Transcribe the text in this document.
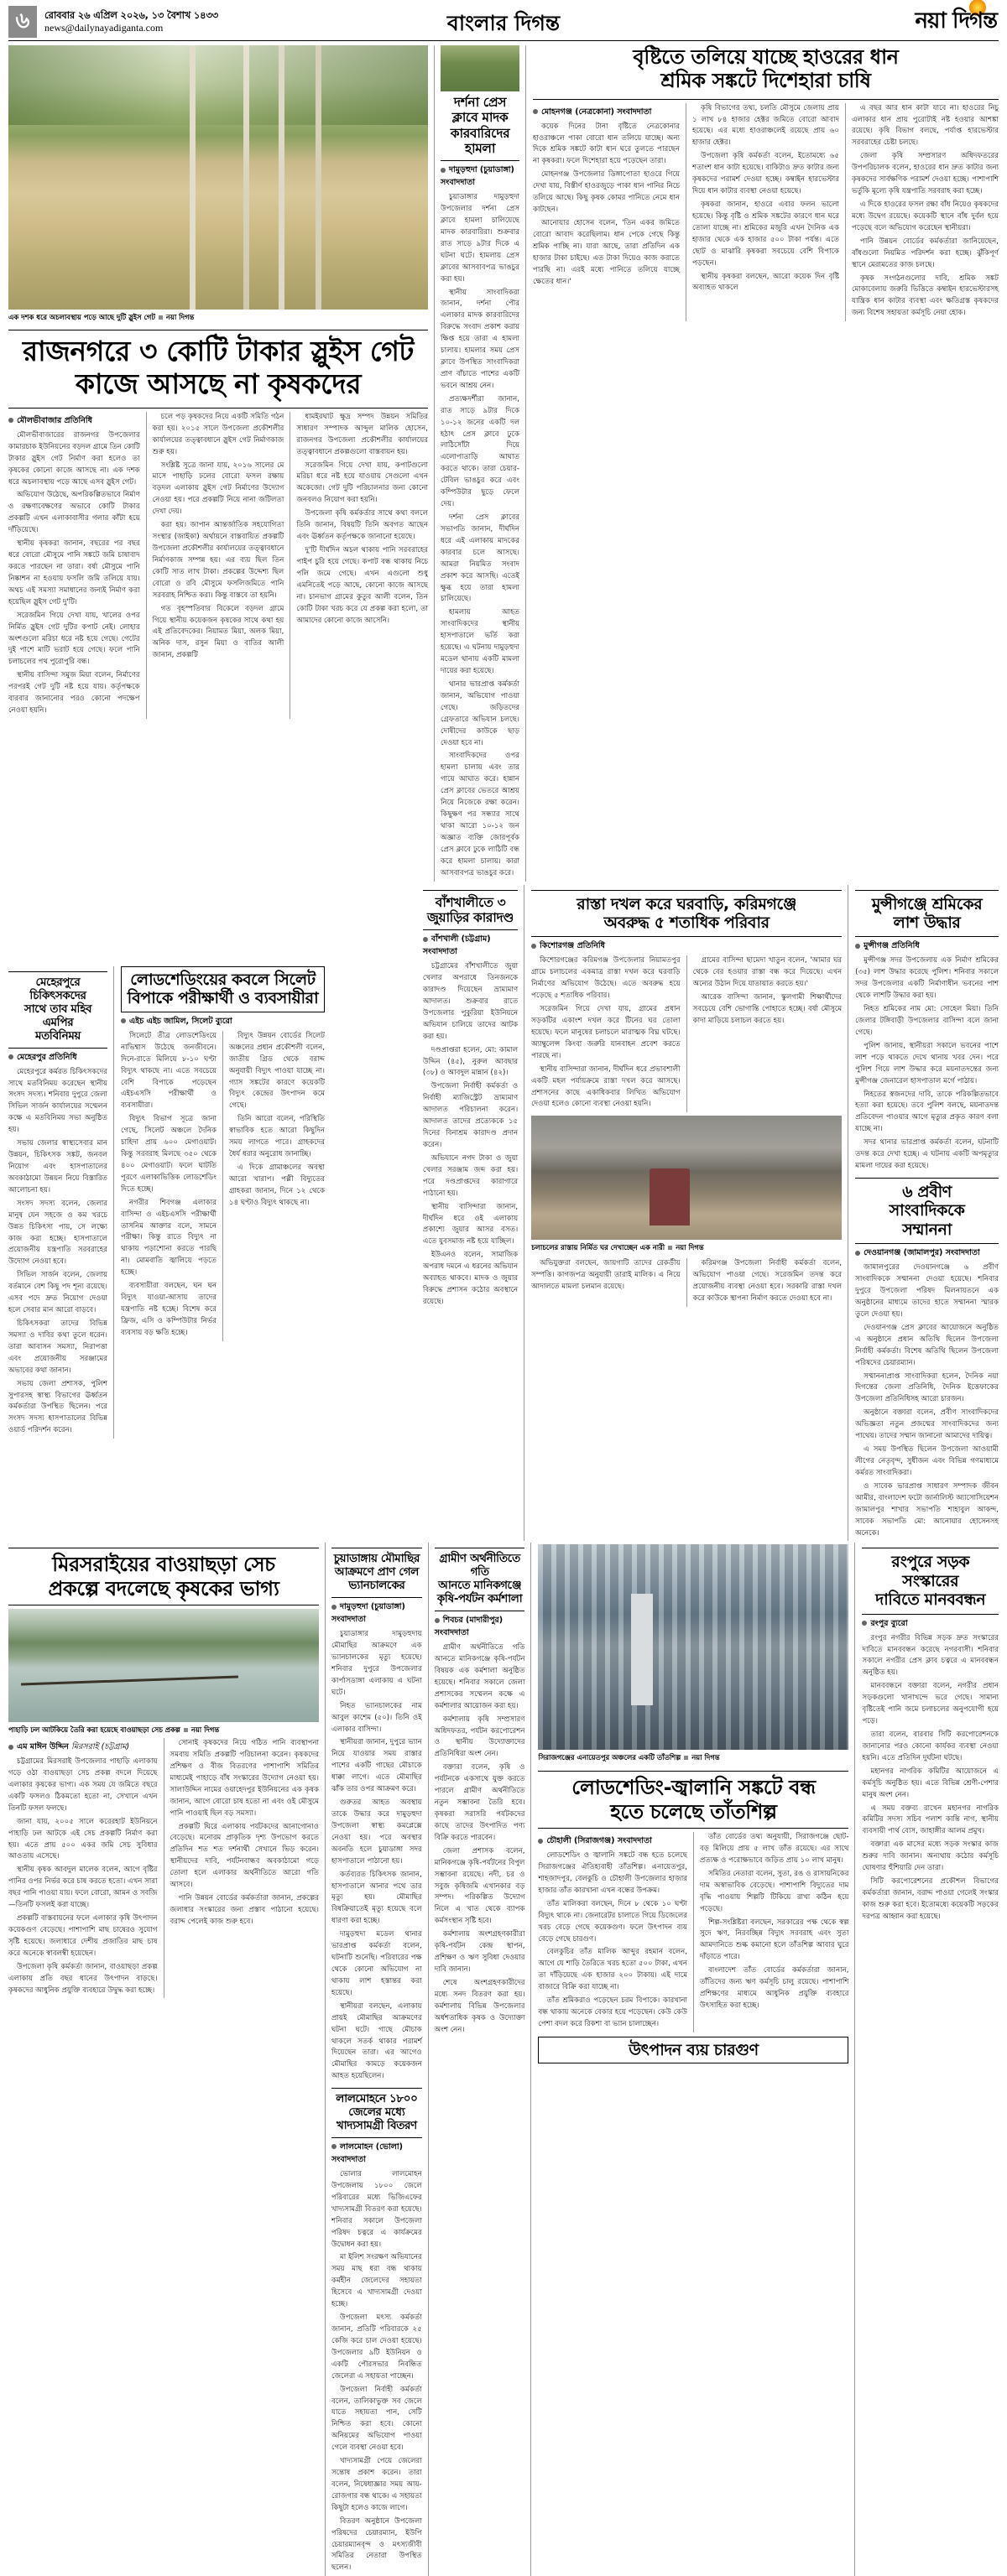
৬	রোববার ২৬ এপ্রিল ২০২৬, ১৩ বৈশাখ ১৪৩৩
news@dailynayadiganta.com	বাংলার দিগন্ত	নয়া দিগন্ত
এক দশক ধরে অচলাবস্থায় পড়ে আছে দুটি স্লুইস গেট নয়া দিগন্ত
রাজনগরে ৩ কোটি টাকার স্লুইস গেট
কাজে আসছে না কৃষকদের
মৌলভীবাজার প্রতিনিধি

মৌলভীবাজারের রাজনগর উপজেলার কামারচাক ইউনিয়নের বড়দল গ্রামে তিন কোটি টাকার স্লুইস গেট নির্মাণ করা হলেও তা কৃষকের কোনো কাজে আসছে না। এক দশক ধরে অচলাবস্থায় পড়ে আছে এসব স্লুইস গেট।

অভিযোগ উঠেছে, অপরিকল্পিতভাবে নির্মাণ ও রক্ষণাবেক্ষণের অভাবে কোটি টাকার প্রকল্পটি এখন এলাকাবাসীর গলার কাঁটা হয়ে দাঁড়িয়েছে।

স্থানীয় কৃষকরা জানান, বছরের পর বছর ধরে বোরো মৌসুমে পানি সঙ্কটে জমি চাষাবাদ করতে পারছেন না তারা। বর্ষা মৌসুমে পানি নিষ্কাশন না হওয়ায় ফসলি জমি তলিয়ে যায়। অথচ এই সমস্যা সমাধানের জন্যই নির্মাণ করা হয়েছিল স্লুইস গেট দু'টি।

সরেজমিন গিয়ে দেখা যায়, খালের ওপর নির্মিত স্লুইস গেট দুটির কপাট নেই। লোহার অংশগুলো মরিচা ধরে নষ্ট হয়ে গেছে। গেটের দুই পাশে মাটি ভরাট হয়ে গেছে। ফলে পানি চলাচলের পথ পুরোপুরি বন্ধ।

স্থানীয় বাসিন্দা সমুজ মিয়া বলেন, নির্মাণের পরপরই গেট দুটি নষ্ট হয়ে যায়। কর্তৃপক্ষকে বারবার জানানোর পরও কোনো পদক্ষেপ নেওয়া হয়নি।

চলে পড় কৃষকদের নিয়ে একটি সমিতি গঠন করা হয়। ২০১৫ সালে উপজেলা প্রকৌশলীর কার্যালয়ের তত্ত্বাবধানে স্লুইস গেট নির্মাণকাজ শুরু হয়।

সংশ্লিষ্ট সূত্রে জানা যায়, ২০১৬ সালের মে মাসে পাহাড়ি ঢলের বোরো ফসল রক্ষায় বড়দল এলাকায় স্লুইস গেট নির্মাণের উদ্যোগ নেওয়া হয়। পরে প্রকল্পটি নিয়ে নানা জটিলতা দেখা দেয়।

করা হয়। জাপান আন্তর্জাতিক সহযোগিতা সংস্থার (জাইকা) অর্থায়নে বাস্তবায়িত প্রকল্পটি উপজেলা প্রকৌশলীর কার্যালয়ের তত্ত্বাবধানে নির্মাণকাজ সম্পন্ন হয়। এর ব্যয় ছিল তিন কোটি সাত লাখ টাকা। প্রকল্পের উদ্দেশ্য ছিল বোরো ও রবি মৌসুমে ফসলিজমিতে পানি সরবরাহ নিশ্চিত করা। কিন্তু বাস্তবে তা হয়নি।

গত বৃহস্পতিবার বিকেলে বড়দল গ্রামে গিয়ে স্থানীয় কয়েকজন কৃষকের সাথে কথা হয় এই প্রতিবেদকের। নিয়ামত মিয়া, অলক মিয়া, অনিক দাস, রসুন মিয়া ও বাতির আলী জানান, প্রকল্পটি

ধামইরঘাট ক্ষুদ্র সম্পদ উন্নয়ন সমিতির সাধারণ সম্পাদক আব্দুল মালিক হোসেন, রাজনগর উপজেলা প্রকৌশলীর কার্যালয়ের তত্ত্বাবধানে প্রকল্পগুলো বাস্তবায়ন হয়।

সরেজমিন গিয়ে দেখা যায়, কপাটগুলো মরিচা ধরে নষ্ট হয়ে যাওয়ায় সেগুলো এখন অকেজো। গেট দুটি পরিচালনার জন্য কোনো জনবলও নিয়োগ করা হয়নি।

উপজেলা কৃষি কর্মকর্তার সাথে কথা বললে তিনি জানান, বিষয়টি তিনি অবগত আছেন এবং ঊর্ধ্বতন কর্তৃপক্ষকে জানানো হয়েছে।

দু'টি দীর্ঘদিন অচল থাকায় পানি সরবরাহের পাইপ চুরি হয়ে গেছে। কপাট বন্ধ থাকায় নিচে পলি জমে গেছে। এখন এগুলো শুধু এমনিতেই পড়ে আছে, কোনো কাজে আসছে না। চানভাগ গ্রামের কুতুব আলী বলেন, তিন কোটি টাকা খরচ করে যে প্রকল্প করা হলো, তা আমাদের কোনো কাজে আসেনি।

দর্শনা প্রেস ক্লাবে মাদক
কারবারিদের হামলা
দামুড়হুদা (চুয়াডাঙ্গা) সংবাদদাতা

চুয়াডাঙ্গার দামুড়হুদা উপজেলার দর্শনা প্রেস ক্লাবে হামলা চালিয়েছে মাদক কারবারিরা। শুক্রবার রাত সাড়ে ৯টার দিকে এ ঘটনা ঘটে। হামলায় প্রেস ক্লাবের আসবাবপত্র ভাঙচুর করা হয়।

স্থানীয় সাংবাদিকরা জানান, দর্শনা পৌর এলাকার মাদক কারবারিদের বিরুদ্ধে সংবাদ প্রকাশ করায় ক্ষিপ্ত হয়ে তারা এ হামলা চালায়। হামলার সময় প্রেস ক্লাবে উপস্থিত সাংবাদিকরা প্রাণ বাঁচাতে পাশের একটি ভবনে আশ্রয় নেন।

প্রত্যক্ষদর্শীরা জানান, রাত সাড়ে ৯টার দিকে ১০-১২ জনের একটি দল হঠাৎ প্রেস ক্লাবে ঢুকে লাঠিসোঁটা দিয়ে এলোপাতাড়ি আঘাত করতে থাকে। তারা চেয়ার-টেবিল ভাঙচুর করে এবং কম্পিউটার ছুড়ে ফেলে দেয়।

দর্শনা প্রেস ক্লাবের সভাপতি জানান, দীর্ঘদিন ধরে এই এলাকায় মাদকের কারবার চলে আসছে। আমরা নিয়মিত সংবাদ প্রকাশ করে আসছি। এতেই ক্ষুব্ধ হয়ে তারা হামলা চালিয়েছে।

হামলায় আহত সাংবাদিকদের স্থানীয় হাসপাতালে ভর্তি করা হয়েছে। এ ঘটনায় দামুড়হুদা মডেল থানায় একটি মামলা দায়ের করা হয়েছে।

থানার ভারপ্রাপ্ত কর্মকর্তা জানান, অভিযোগ পাওয়া গেছে। জড়িতদের গ্রেফতারে অভিযান চলছে। দোষীদের কাউকে ছাড় দেওয়া হবে না।

সাংবাদিকদের ওপর হামলা চালায় এবং তার গায়ে আঘাত করে। হান্নান প্রেস ক্লাবের ভেতরে আশ্রয় নিয়ে নিজেকে রক্ষা করেন। কিছুক্ষণ পর সন্ধ্যার সাথে থাকা আরো ১০-১২ জন অজ্ঞাত ব্যক্তি জোরপূর্বক প্রেস ক্লাবে ঢুকে লাঠিটি বন্ধ করে হামলা চালায়। কারা আসবাবপত্র ভাঙচুর করে।

বৃষ্টিতে তলিয়ে যাচ্ছে হাওরের ধান
শ্রমিক সঙ্কটে দিশেহারা চাষি
মোহনগঞ্জ (নেত্রকোনা) সংবাদদাতা

কয়েক দিনের টানা বৃষ্টিতে নেত্রকোনার হাওরাঞ্চলে পাকা বোরো ধান তলিয়ে যাচ্ছে। অন্য দিকে শ্রমিক সঙ্কটে কাটা ধান ঘরে তুলতে পারছেন না কৃষকরা। ফলে দিশেহারা হয়ে পড়েছেন তারা।

মোহনগঞ্জ উপজেলার ডিঙ্গাপোতা হাওরে গিয়ে দেখা যায়, বিস্তীর্ণ হাওরজুড়ে পাকা ধান পানির নিচে তলিয়ে আছে। কিছু কৃষক কোমর পানিতে নেমে ধান কাটছেন।

আনোয়ার হোসেন বলেন, 'তিন একর জমিতে বোরো আবাদ করেছিলাম। ধান পেকে গেছে কিন্তু শ্রমিক পাচ্ছি না। যারা আছে, তারা প্রতিদিন এক হাজার টাকা চাইছে। এত টাকা দিয়েও কাজ করাতে পারছি না। এরই মধ্যে পানিতে তলিয়ে যাচ্ছে ক্ষেতের ধান।'

কৃষি বিভাগের তথ্য, চলতি মৌসুমে জেলায় প্রায় ১ লাখ ৮৪ হাজার হেক্টর জমিতে বোরো আবাদ হয়েছে। এর মধ্যে হাওরাঞ্চলেই রয়েছে প্রায় ৬০ হাজার হেক্টর।

উপজেলা কৃষি কর্মকর্তা বলেন, ইতোমধ্যে ৬৫ শতাংশ ধান কাটা হয়েছে। বাকিটাও দ্রুত কাটার জন্য কৃষকদের পরামর্শ দেওয়া হচ্ছে। কম্বাইন হারভেস্টার দিয়ে ধান কাটার ব্যবস্থা নেওয়া হয়েছে।

কৃষকরা জানান, হাওরে এবার ফলন ভালো হয়েছে। কিন্তু বৃষ্টি ও শ্রমিক সঙ্কটের কারণে ধান ঘরে তোলা যাচ্ছে না। শ্রমিকের মজুরি এখন দৈনিক এক হাজার থেকে এক হাজার ৫০০ টাকা পর্যন্ত। এতে ছোট ও মাঝারি কৃষকরা সবচেয়ে বেশি বিপাকে পড়ছেন।

স্থানীয় কৃষকরা বলছেন, আরো কয়েক দিন বৃষ্টি অব্যাহত থাকলে

এ বছর আর ধান কাটা যাবে না। হাওরের নিচু এলাকার ধান প্রায় পুরোটাই নষ্ট হওয়ার আশঙ্কা রয়েছে। কৃষি বিভাগ বলছে, পর্যাপ্ত হারভেস্টার সরবরাহের চেষ্টা চলছে।

জেলা কৃষি সম্প্রসারণ অধিদফতরের উপপরিচালক বলেন, হাওরের ধান দ্রুত কাটার জন্য কৃষকদের সার্বক্ষণিক পরামর্শ দেওয়া হচ্ছে। পাশাপাশি ভর্তুকি মূল্যে কৃষি যন্ত্রপাতি সরবরাহ করা হচ্ছে।

এ দিকে হাওরের ফসল রক্ষা বাঁধ নিয়েও কৃষকদের মধ্যে উদ্বেগ রয়েছে। কয়েকটি স্থানে বাঁধ দুর্বল হয়ে পড়েছে বলে অভিযোগ করেছেন স্থানীয়রা।

পানি উন্নয়ন বোর্ডের কর্মকর্তারা জানিয়েছেন, বাঁধগুলো নিয়মিত পরিদর্শন করা হচ্ছে। ঝুঁকিপূর্ণ স্থানে মেরামতের কাজ চলছে।

কৃষক সংগঠনগুলোর দাবি, শ্রমিক সঙ্কট মোকাবেলায় জরুরি ভিত্তিতে কম্বাইন হারভেস্টারসহ যান্ত্রিক ধান কাটার ব্যবস্থা এবং ক্ষতিগ্রস্ত কৃষকদের জন্য বিশেষ সহায়তা কর্মসূচি নেয়া হোক।

বাঁশখালীতে ৩
জুয়াড়ির কারাদণ্ড
বাঁশখালী (চট্টগ্রাম) সংবাদদাতা

চট্টগ্রামের বাঁশখালীতে জুয়া খেলার অপরাধে তিনজনকে কারাদণ্ড দিয়েছেন ভ্রাম্যমাণ আদালত। শুক্রবার রাতে উপজেলার পুকুরিয়া ইউনিয়নে অভিযান চালিয়ে তাদের আটক করা হয়।

দণ্ডপ্রাপ্তরা হলেন, মো: কামাল উদ্দিন (৪৫), নুরুল আবছার (৩৮) ও আবদুল মান্নান (৪২)।

উপজেলা নির্বাহী কর্মকর্তা ও নির্বাহী ম্যাজিস্ট্রেট ভ্রাম্যমাণ আদালত পরিচালনা করেন। আদালত তাদের প্রত্যেককে ১৫ দিনের বিনাশ্রম কারাদণ্ড প্রদান করেন।

অভিযানে নগদ টাকা ও জুয়া খেলার সরঞ্জাম জব্দ করা হয়। পরে দণ্ডপ্রাপ্তদের কারাগারে পাঠানো হয়।

স্থানীয় বাসিন্দারা জানান, দীর্ঘদিন ধরে ওই এলাকায় প্রকাশ্যে জুয়ার আসর বসত। এতে যুবসমাজ নষ্ট হয়ে যাচ্ছিল।

ইউএনও বলেন, সামাজিক অপরাধ দমনে এ ধরনের অভিযান অব্যাহত থাকবে। মাদক ও জুয়ার বিরুদ্ধে প্রশাসন কঠোর অবস্থানে রয়েছে।

রাস্তা দখল করে ঘরবাড়ি, করিমগঞ্জে
অবরুদ্ধ ৫ শতাধিক পরিবার
কিশোরগঞ্জ প্রতিনিধি

কিশোরগঞ্জের করিমগঞ্জ উপজেলার নিয়ামতপুর গ্রামে চলাচলের একমাত্র রাস্তা দখল করে ঘরবাড়ি নির্মাণের অভিযোগ উঠেছে। এতে অবরুদ্ধ হয়ে পড়েছে ৫ শতাধিক পরিবার।

সরেজমিন গিয়ে দেখা যায়, গ্রামের প্রধান সড়কটির একাংশ দখল করে টিনের ঘর তোলা হয়েছে। ফলে মানুষের চলাচলে মারাত্মক বিঘ্ন ঘটছে। অ্যাম্বুলেন্স কিংবা জরুরি যানবাহন প্রবেশ করতে পারছে না।

স্থানীয় বাসিন্দারা জানান, দীর্ঘদিন ধরে প্রভাবশালী একটি মহল পর্যায়ক্রমে রাস্তা দখল করে আসছে। প্রশাসনের কাছে একাধিকবার লিখিত অভিযোগ দেওয়া হলেও কোনো ব্যবস্থা নেওয়া হয়নি।

গ্রামের বাসিন্দা ছামেদা খাতুন বলেন, 'আমার ঘর থেকে বের হওয়ার রাস্তা বন্ধ করে দিয়েছে। এখন অন্যের উঠান দিয়ে যাতায়াত করতে হয়।'

আরেক বাসিন্দা জানান, স্কুলগামী শিক্ষার্থীদের সবচেয়ে বেশি ভোগান্তি পোহাতে হচ্ছে। বর্ষা মৌসুমে কাদা মাড়িয়ে চলাচল করতে হয়।

চলাচলের রাস্তায় নির্মিত ঘর দেখাচ্ছেন এক নারী নয়া দিগন্ত

অভিযুক্তরা বলছেন, জায়গাটি তাদের রেকর্ডীয় সম্পত্তি। কাগজপত্র অনুযায়ী তারাই মালিক। এ নিয়ে আদালতে মামলা চলমান রয়েছে।

করিমগঞ্জ উপজেলা নির্বাহী কর্মকর্তা বলেন, অভিযোগ পাওয়া গেছে। সরেজমিন তদন্ত করে প্রয়োজনীয় ব্যবস্থা নেওয়া হবে। সরকারি রাস্তা দখল করে কাউকে স্থাপনা নির্মাণ করতে দেওয়া হবে না।

মুন্সীগঞ্জে শ্রমিকের
লাশ উদ্ধার
মুন্সীগঞ্জ প্রতিনিধি

মুন্সীগঞ্জ সদর উপজেলায় এক নির্মাণ শ্রমিকের (৩৫) লাশ উদ্ধার করেছে পুলিশ। শনিবার সকালে সদর উপজেলার একটি নির্মাণাধীন ভবনের পাশ থেকে লাশটি উদ্ধার করা হয়।

নিহত শ্রমিকের নাম মো: সোহেল মিয়া। তিনি জেলার টঙ্গিবাড়ী উপজেলার বাসিন্দা বলে জানা গেছে।

পুলিশ জানায়, স্থানীয়রা সকালে ভবনের পাশে লাশ পড়ে থাকতে দেখে থানায় খবর দেন। পরে পুলিশ গিয়ে লাশ উদ্ধার করে ময়নাতদন্তের জন্য মুন্সীগঞ্জ জেনারেল হাসপাতাল মর্গে পাঠায়।

নিহতের স্বজনদের দাবি, তাকে পরিকল্পিতভাবে হত্যা করা হয়েছে। তবে পুলিশ বলছে, ময়নাতদন্ত প্রতিবেদন পাওয়ার আগে মৃত্যুর প্রকৃত কারণ বলা যাচ্ছে না।

সদর থানার ভারপ্রাপ্ত কর্মকর্তা বলেন, ঘটনাটি তদন্ত করে দেখা হচ্ছে। এ ঘটনায় একটি অপমৃত্যুর মামলা দায়ের করা হয়েছে।

৬ প্রবীণ
সাংবাদিককে
সম্মাননা
দেওয়ানগঞ্জ (জামালপুর) সংবাদদাতা

জামালপুরের দেওয়ানগঞ্জে ৬ প্রবীণ সাংবাদিককে সম্মাননা দেওয়া হয়েছে। শনিবার দুপুরে উপজেলা পরিষদ মিলনায়তনে এক অনুষ্ঠানের মাধ্যমে তাদের হাতে সম্মাননা স্মারক তুলে দেওয়া হয়।

দেওয়ানগঞ্জ প্রেস ক্লাবের আয়োজনে অনুষ্ঠিত এ অনুষ্ঠানে প্রধান অতিথি ছিলেন উপজেলা নির্বাহী কর্মকর্তা। বিশেষ অতিথি ছিলেন উপজেলা পরিষদের চেয়ারম্যান।

সম্মাননাপ্রাপ্ত সাংবাদিকরা হলেন, দৈনিক নয়া দিগন্তের জেলা প্রতিনিধি, দৈনিক ইত্তেফাকের উপজেলা প্রতিনিধিসহ আরো চারজন।

অনুষ্ঠানে বক্তারা বলেন, প্রবীণ সাংবাদিকদের অভিজ্ঞতা নতুন প্রজন্মের সাংবাদিকদের জন্য পাথেয়। তাদের সম্মান জানানো আমাদের দায়িত্ব।

এ সময় উপস্থিত ছিলেন উপজেলা আওয়ামী লীগের নেতৃবৃন্দ, সুধীজন এবং বিভিন্ন গণমাধ্যমে কর্মরত সাংবাদিকরা।

ও সাবেক ভারপ্রাপ্ত সাধারণ সম্পাদক জীবন আমীর, বাংলাদেশ ফটো জার্নালিস্ট অ্যাসোসিয়েশন জামালপুর শাখার সভাপতি শাহাবুল আকন্দ, সাবেক সভাপতি মো: আনোয়ার হোসেনসহ অনেকে।

মিরসরাইয়ের বাওয়াছড়া সেচ
প্রকল্পে বদলেছে কৃষকের ভাগ্য
পাহাড়ি ঢল আটকিয়ে তৈরি করা হয়েছে বাওয়াছড়া সেচ প্রকল্প নয়া দিগন্ত
এম মাঈন উদ্দিন মিরসরাই (চট্টগ্রাম)

চট্টগ্রামের মিরসরাই উপজেলার পাহাড়ি এলাকায় গড়ে ওঠা বাওয়াছড়া সেচ প্রকল্প বদলে দিয়েছে এলাকার কৃষকের ভাগ্য। এক সময় যে জমিতে বছরে একটি ফসলও ঠিকমতো হতো না, সেখানে এখন তিনটি ফসল ফলছে।

জানা যায়, ২০০৫ সালে করেরহাট ইউনিয়নে পাহাড়ি ঢল আটকে এই সেচ প্রকল্পটি নির্মাণ করা হয়। এতে প্রায় ৫০০ একর জমি সেচ সুবিধার আওতায় এসেছে।

স্থানীয় কৃষক আবদুল মালেক বলেন, আগে বৃষ্টির পানির ওপর নির্ভর করে চাষ করতে হতো। এখন সারা বছর পানি পাওয়া যায়। ফলে বোরো, আমন ও সবজি—তিনটি ফসলই করা যাচ্ছে।

প্রকল্পটি বাস্তবায়নের ফলে এলাকার কৃষি উৎপাদন কয়েকগুণ বেড়েছে। পাশাপাশি মাছ চাষেরও সুযোগ সৃষ্টি হয়েছে। জলাধারে দেশীয় প্রজাতির মাছ চাষ করে অনেকে স্বাবলম্বী হয়েছেন।

উপজেলা কৃষি কর্মকর্তা জানান, বাওয়াছড়া প্রকল্প এলাকায় প্রতি বছর ধানের উৎপাদন বাড়ছে। কৃষকদের আধুনিক প্রযুক্তি ব্যবহারে উদ্বুদ্ধ করা হচ্ছে।

সোনাই কৃষকদের নিয়ে গঠিত পানি ব্যবস্থাপনা সমবায় সমিতি প্রকল্পটি পরিচালনা করেন। কৃষকদের প্রশিক্ষণ ও বীজ বিতরণের পাশাপাশি সমিতির মাধ্যমেই পাহাড়ে বাঁধ সংস্কারের উদ্যোগ নেওয়া হয়। সালাউদ্দিন নামের ওয়াহেদপুর ইউনিয়নের এক কৃষক জানান, আগে বোরো চাষ হতো না এবং ওই মৌসুমে পানি পাওয়াই ছিল বড় সমস্যা।

প্রকল্পটি ঘিরে এলাকায় পর্যটকদের আনাগোনাও বেড়েছে। মনোরম প্রাকৃতিক দৃশ্য উপভোগ করতে প্রতিদিন শত শত দর্শনার্থী সেখানে ভিড় করেন। স্থানীয়দের দাবি, পর্যটনবান্ধব অবকাঠামো গড়ে তোলা হলে এলাকার অর্থনীতিতে আরো গতি আসবে।

পানি উন্নয়ন বোর্ডের কর্মকর্তারা জানান, প্রকল্পের জলাধার সংস্কারের জন্য প্রস্তাব পাঠানো হয়েছে। বরাদ্দ পেলেই কাজ শুরু হবে।

চুয়াডাঙ্গায় মৌমাছির
আক্রমণে প্রাণ গেল
ভ্যানচালকের
দামুড়হুদা (চুয়াডাঙ্গা) সংবাদদাতা

চুয়াডাঙ্গার দামুড়হুদায় মৌমাছির আক্রমণে এক ভ্যানচালকের মৃত্যু হয়েছে। শনিবার দুপুরে উপজেলার কার্পাসডাঙ্গা এলাকায় এ ঘটনা ঘটে।

নিহত ভ্যানচালকের নাম আবুল কাশেম (৫০)। তিনি ওই এলাকার বাসিন্দা।

স্থানীয়রা জানান, দুপুরে ভ্যান নিয়ে যাওয়ার সময় রাস্তার পাশের একটি গাছের মৌচাকে ধাক্কা লাগে। এতে মৌমাছির ঝাঁক তার ওপর আক্রমণ করে।

গুরুতর আহত অবস্থায় তাকে উদ্ধার করে দামুড়হুদা উপজেলা স্বাস্থ্য কমপ্লেক্সে নেওয়া হয়। পরে অবস্থার অবনতি হলে চুয়াডাঙ্গা সদর হাসপাতালে পাঠানো হয়।

কর্তব্যরত চিকিৎসক জানান, হাসপাতালে আনার পথে তার মৃত্যু হয়। মৌমাছির বিষক্রিয়াতেই মৃত্যু হয়েছে বলে ধারণা করা হচ্ছে।

দামুড়হুদা মডেল থানার ভারপ্রাপ্ত কর্মকর্তা বলেন, ঘটনাটি শুনেছি। পরিবারের পক্ষ থেকে কোনো অভিযোগ না থাকায় লাশ হস্তান্তর করা হয়েছে।

স্থানীয়রা বলছেন, এলাকায় প্রায়ই মৌমাছির আক্রমণের ঘটনা ঘটে। গাছে মৌচাক থাকলে সতর্ক থাকার পরামর্শ দিয়েছেন তারা। এর আগেও মৌমাছির কামড়ে কয়েকজন আহত হয়েছিলেন।

লালমোহনে ১৮০০
জেলের মধ্যে
খাদ্যসামগ্রী বিতরণ
লালমোহন (ভোলা) সংবাদদাতা

ভোলার লালমোহন উপজেলায় ১৮০০ জেলে পরিবারের মধ্যে ভিজিএফের খাদ্যসামগ্রী বিতরণ করা হয়েছে। শনিবার সকালে উপজেলা পরিষদ চত্বরে এ কার্যক্রমের উদ্বোধন করা হয়।

মা ইলিশ সংরক্ষণ অভিযানের সময় মাছ ধরা বন্ধ থাকায় কর্মহীন জেলেদের সহায়তা হিসেবে এ খাদ্যসামগ্রী দেওয়া হচ্ছে।

উপজেলা মৎস্য কর্মকর্তা জানান, প্রতিটি পরিবারকে ২৫ কেজি করে চাল দেওয়া হয়েছে। উপজেলার ৯টি ইউনিয়ন ও একটি পৌরসভার নিবন্ধিত জেলেরা এ সহায়তা পাচ্ছেন।

উপজেলা নির্বাহী কর্মকর্তা বলেন, তালিকাভুক্ত সব জেলে যাতে সহায়তা পান, সেটি নিশ্চিত করা হবে। কোনো অনিয়মের অভিযোগ পাওয়া গেলে ব্যবস্থা নেওয়া হবে।

খাদ্যসামগ্রী পেয়ে জেলেরা সন্তোষ প্রকাশ করেন। তারা বলেন, নিষেধাজ্ঞার সময় আয়-রোজগার বন্ধ থাকে। এ সহায়তা কিছুটা হলেও কাজে লাগে।

বিতরণ অনুষ্ঠানে উপজেলা পরিষদের চেয়ারম্যান, ইউপি চেয়ারম্যানবৃন্দ ও মৎস্যজীবী সমিতির নেতারা উপস্থিত ছলেন।

গ্রামীণ অর্থনীতিতে গতি
আনতে মানিকগঞ্জে
কৃষি-পর্যটন কর্মশালা
শিবচর (মাদারীপুর) সংবাদদাতা

গ্রামীণ অর্থনীতিতে গতি আনতে মানিকগঞ্জে কৃষি-পর্যটন বিষয়ক এক কর্মশালা অনুষ্ঠিত হয়েছে। শনিবার সকালে জেলা প্রশাসকের সম্মেলন কক্ষে এ কর্মশালার আয়োজন করা হয়।

কর্মশালায় কৃষি সম্প্রসারণ অধিদফতর, পর্যটন করপোরেশন ও স্থানীয় উদ্যোক্তাদের প্রতিনিধিরা অংশ নেন।

বক্তারা বলেন, কৃষি ও পর্যটনকে একসাথে যুক্ত করতে পারলে গ্রামীণ অর্থনীতিতে নতুন সম্ভাবনা তৈরি হবে। কৃষকরা সরাসরি পর্যটকদের কাছে তাদের উৎপাদিত পণ্য বিক্রি করতে পারবেন।

জেলা প্রশাসক বলেন, মানিকগঞ্জে কৃষি-পর্যটনের বিপুল সম্ভাবনা রয়েছে। নদী, চর ও সবুজ কৃষিজমি এখানকার বড় সম্পদ। পরিকল্পিত উদ্যোগ নিলে এ খাত থেকে ব্যাপক কর্মসংস্থান সৃষ্টি হবে।

কর্মশালায় অংশগ্রহণকারীরা কৃষি-পর্যটন কেন্দ্র স্থাপন, প্রশিক্ষণ ও ঋণ সুবিধা দেওয়ার দাবি জানান।

শেষে অংশগ্রহণকারীদের মধ্যে সনদ বিতরণ করা হয়। কর্মশালায় বিভিন্ন উপজেলার অর্ধশতাধিক কৃষক ও উদ্যোক্তা অংশ নেন।

সিরাজগঞ্জের এনায়েতপুর অঞ্চলের একটি তাঁতশিল্প নয়া দিগন্ত
লোডশেডিং-জ্বালানি সঙ্কটে বন্ধ
হতে চলেছে তাঁতশিল্প
চৌহালী (সিরাজগঞ্জ) সংবাদদাতা

লোডশেডিং ও জ্বালানি সঙ্কটে বন্ধ হতে চলেছে সিরাজগঞ্জের ঐতিহ্যবাহী তাঁতশিল্প। এনায়েতপুর, শাহজাদপুর, বেলকুচি ও চৌহালী উপজেলার হাজার হাজার তাঁত কারখানা এখন বন্ধের উপক্রম।

তাঁত মালিকরা বলছেন, দিনে ৮ থেকে ১০ ঘণ্টা বিদ্যুৎ থাকে না। জেনারেটর চালাতে গিয়ে ডিজেলের খরচ বেড়ে গেছে কয়েকগুণ। ফলে উৎপাদন ব্যয় বেড়ে গেছে চারগুণ।

বেলকুচির তাঁত মালিক আব্দুর রহমান বলেন, আগে যে শাড়ি তৈরিতে খরচ হতো ৫০০ টাকা, এখন তা দাঁড়িয়েছে এক হাজার ২০০ টাকায়। এই দামে বাজারে বিক্রি করা যাচ্ছে না।

তাঁত শ্রমিকরাও পড়েছেন চরম বিপাকে। কারখানা বন্ধ থাকায় অনেকে বেকার হয়ে পড়েছেন। কেউ কেউ পেশা বদল করে রিকশা বা ভ্যান চালাচ্ছেন।

তাঁত বোর্ডের তথ্য অনুযায়ী, সিরাজগঞ্জে ছোট-বড় মিলিয়ে প্রায় ৫ লাখ তাঁত রয়েছে। এর সাথে প্রত্যক্ষ ও পরোক্ষভাবে জড়িত প্রায় ১০ লাখ মানুষ।

সমিতির নেতারা বলেন, সুতা, রঙ ও রাসায়নিকের দাম অস্বাভাবিক বেড়েছে। পাশাপাশি বিদ্যুতের দাম বৃদ্ধি পাওয়ায় শিল্পটি টিকিয়ে রাখা কঠিন হয়ে পড়েছে।

শিল্প-সংশ্লিষ্টরা বলছেন, সরকারের পক্ষ থেকে স্বল্প সুদে ঋণ, নিরবচ্ছিন্ন বিদ্যুৎ সরবরাহ এবং সুতা আমদানিতে শুল্ক কমানো হলে তাঁতশিল্প আবার ঘুরে দাঁড়াতে পারে।

বাংলাদেশ তাঁত বোর্ডের কর্মকর্তারা জানান, তাঁতিদের জন্য ঋণ কর্মসূচি চালু রয়েছে। পাশাপাশি প্রশিক্ষণের মাধ্যমে আধুনিক প্রযুক্তি ব্যবহারে উৎসাহিত করা হচ্ছে।

উৎপাদন ব্যয় চারগুণ
রংপুরে সড়ক সংস্কারের
দাবিতে মানববন্ধন
রংপুর ব্যুরো

রংপুর নগরীর বিভিন্ন সড়ক দ্রুত সংস্কারের দাবিতে মানববন্ধন করেছে নগরবাসী। শনিবার সকালে নগরীর প্রেস ক্লাব চত্বরে এ মানববন্ধন অনুষ্ঠিত হয়।

মানববন্ধনে বক্তারা বলেন, নগরীর প্রধান সড়কগুলো খানাখন্দে ভরে গেছে। সামান্য বৃষ্টিতেই পানি জমে চলাচলের অনুপযোগী হয়ে পড়ে।

তারা বলেন, বারবার সিটি করপোরেশনকে জানানোর পরও কোনো কার্যকর ব্যবস্থা নেওয়া হয়নি। এতে প্রতিদিন দুর্ঘটনা ঘটছে।

মহানগর নাগরিক কমিটির আয়োজনে এ কর্মসূচি অনুষ্ঠিত হয়। এতে বিভিন্ন শ্রেণী-পেশার মানুষ অংশ নেন।

এ সময় বক্তব্য রাখেন মহানগর নাগরিক কমিটির সদস্য সচিব পলাশ কান্তি নাগ, স্থানীয় ব্যবসায়ী পার্থ বোস, জাহাঙ্গীর আলম প্রমুখ।

বক্তারা এক মাসের মধ্যে সড়ক সংস্কার কাজ শুরুর দাবি জানান। অন্যথায় কঠোর কর্মসূচি ঘোষণার হুঁশিয়ারি দেন তারা।

সিটি করপোরেশনের প্রকৌশল বিভাগের কর্মকর্তারা জানান, বরাদ্দ পাওয়া গেলেই সংস্কার কাজ শুরু করা হবে। ইতোমধ্যে কয়েকটি সড়কের দরপত্র আহ্বান করা হয়েছে।

মেহেরপুরে চিকিৎসকদের
সাথে তাব মহিব এমপির
মতবিনিময়
মেহেরপুর প্রতিনিধি

মেহেরপুরে কর্মরত চিকিৎসকদের সাথে মতবিনিময় করেছেন স্থানীয় সংসদ সদস্য। শনিবার দুপুরে জেলা সিভিল সার্জন কার্যালয়ের সম্মেলন কক্ষে এ মতবিনিময় সভা অনুষ্ঠিত হয়।

সভায় জেলার স্বাস্থ্যসেবার মান উন্নয়ন, চিকিৎসক সঙ্কট, জনবল নিয়োগ এবং হাসপাতালের অবকাঠামো উন্নয়ন নিয়ে বিস্তারিত আলোচনা হয়।

সংসদ সদস্য বলেন, জেলার মানুষ যেন সহজে ও কম খরচে উন্নত চিকিৎসা পায়, সে লক্ষ্যে কাজ করা হচ্ছে। হাসপাতালে প্রয়োজনীয় যন্ত্রপাতি সরবরাহের উদ্যোগ নেওয়া হবে।

সিভিল সার্জন বলেন, জেলায় বর্তমানে বেশ কিছু পদ শূন্য রয়েছে। এসব পদে দ্রুত নিয়োগ দেওয়া হলে সেবার মান আরো বাড়বে।

চিকিৎসকরা তাদের বিভিন্ন সমস্যা ও দাবির কথা তুলে ধরেন। তারা আবাসন সমস্যা, নিরাপত্তা এবং প্রয়োজনীয় সরঞ্জামের অভাবের কথা জানান।

সভায় জেলা প্রশাসক, পুলিশ সুপারসহ স্বাস্থ্য বিভাগের ঊর্ধ্বতন কর্মকর্তারা উপস্থিত ছিলেন। পরে সংসদ সদস্য হাসপাতালের বিভিন্ন ওয়ার্ড পরিদর্শন করেন।

লোডশেডিংয়ের কবলে সিলেট
বিপাকে পরীক্ষার্থী ও ব্যবসায়ীরা
এইচ এইচ জামিল, সিলেট ব্যুরো

সিলেটে তীব্র লোডশেডিংয়ে নাভিশ্বাস উঠেছে জনজীবনে। দিনে-রাতে মিলিয়ে ৮-১০ ঘণ্টা বিদ্যুৎ থাকছে না। এতে সবচেয়ে বেশি বিপাকে পড়েছেন এইচএসসি পরীক্ষার্থী ও ব্যবসায়ীরা।

বিদ্যুৎ বিভাগ সূত্রে জানা গেছে, সিলেট অঞ্চলে দৈনিক চাহিদা প্রায় ৬০০ মেগাওয়াট। কিন্তু সরবরাহ মিলছে ৩৫০ থেকে ৪০০ মেগাওয়াট। ফলে ঘাটতি পূরণে এলাকাভিত্তিক লোডশেডিং দিতে হচ্ছে।

নগরীর শিবগঞ্জ এলাকার বাসিন্দা ও এইচএসসি পরীক্ষার্থী তাসনিম আক্তার বলে, সামনে পরীক্ষা। কিন্তু রাতে বিদ্যুৎ না থাকায় পড়াশোনা করতে পারছি না। মোমবাতি জ্বালিয়ে পড়তে হচ্ছে।

ব্যবসায়ীরা বলছেন, ঘন ঘন বিদ্যুৎ যাওয়া-আসায় তাদের যন্ত্রপাতি নষ্ট হচ্ছে। বিশেষ করে ফ্রিজ, এসি ও কম্পিউটার নির্ভর ব্যবসায় বড় ক্ষতি হচ্ছে।

বিদ্যুৎ উন্নয়ন বোর্ডের সিলেট অঞ্চলের প্রধান প্রকৌশলী বলেন, জাতীয় গ্রিড থেকে বরাদ্দ অনুযায়ী বিদ্যুৎ পাওয়া যাচ্ছে না। গ্যাস সঙ্কটের কারণে কয়েকটি বিদ্যুৎ কেন্দ্রের উৎপাদন কমে গেছে।

তিনি আরো বলেন, পরিস্থিতি স্বাভাবিক হতে আরো কিছুদিন সময় লাগতে পারে। গ্রাহকদের ধৈর্য ধরার অনুরোধ জানাচ্ছি।

এ দিকে গ্রামাঞ্চলের অবস্থা আরো খারাপ। পল্লী বিদ্যুতের গ্রাহকরা জানান, দিনে ১২ থেকে ১৪ ঘণ্টাও বিদ্যুৎ থাকছে না।
